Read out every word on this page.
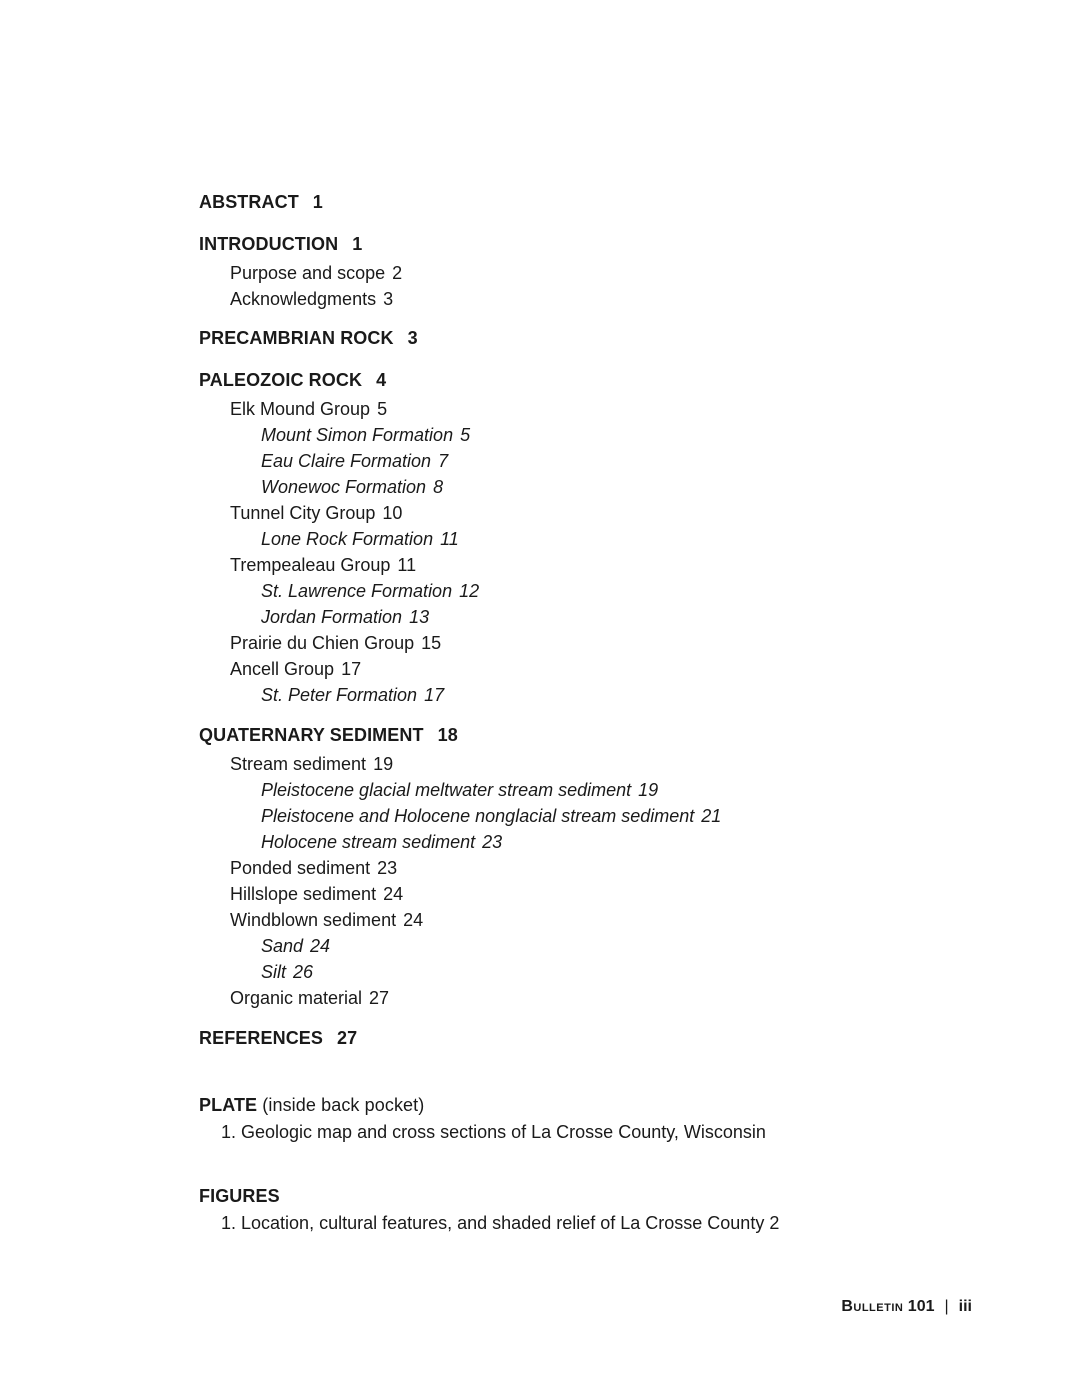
ABSTRACT 1
INTRODUCTION 1
Purpose and scope 2
Acknowledgments 3
PRECAMBRIAN ROCK 3
PALEOZOIC ROCK 4
Elk Mound Group 5
Mount Simon Formation 5
Eau Claire Formation 7
Wonewoc Formation 8
Tunnel City Group 10
Lone Rock Formation 11
Trempealeau Group 11
St. Lawrence Formation 12
Jordan Formation 13
Prairie du Chien Group 15
Ancell Group 17
St. Peter Formation 17
QUATERNARY SEDIMENT 18
Stream sediment 19
Pleistocene glacial meltwater stream sediment 19
Pleistocene and Holocene nonglacial stream sediment 21
Holocene stream sediment 23
Ponded sediment 23
Hillslope sediment 24
Windblown sediment 24
Sand 24
Silt 26
Organic material 27
REFERENCES 27
PLATE (inside back pocket)
1. Geologic map and cross sections of La Crosse County, Wisconsin
FIGURES
1. Location, cultural features, and shaded relief of La Crosse County 2
Bulletin 101 | iii
